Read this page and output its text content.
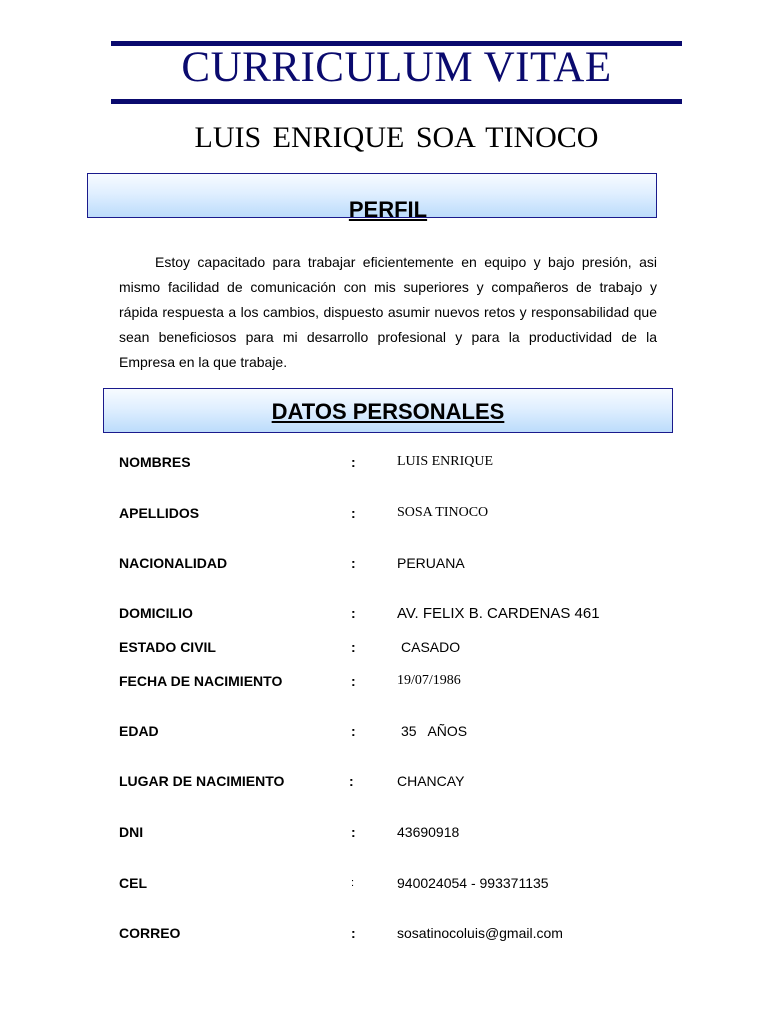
CURRICULUM VITAE
LUIS ENRIQUE SOA TINOCO
PERFIL
Estoy capacitado para trabajar eficientemente en equipo y bajo presión, asi mismo facilidad de comunicación con mis superiores y compañeros de trabajo y rápida respuesta a los cambios, dispuesto asumir nuevos retos y responsabilidad que sean beneficiosos para mi desarrollo profesional y para la productividad de la Empresa en la que trabaje.
DATOS PERSONALES
NOMBRES	:	LUIS ENRIQUE
APELLIDOS	:	SOSA TINOCO
NACIONALIDAD	:	PERUANA
DOMICILIO	:	AV. FELIX B. CARDENAS 461
ESTADO CIVIL	:	CASADO
FECHA DE NACIMIENTO	:	19/07/1986
EDAD	:	35   AÑOS
LUGAR DE NACIMIENTO	:	CHANCAY
DNI	:	43690918
CEL	:	940024054 - 993371135
CORREO	:	sosatinocoluis@gmail.com
